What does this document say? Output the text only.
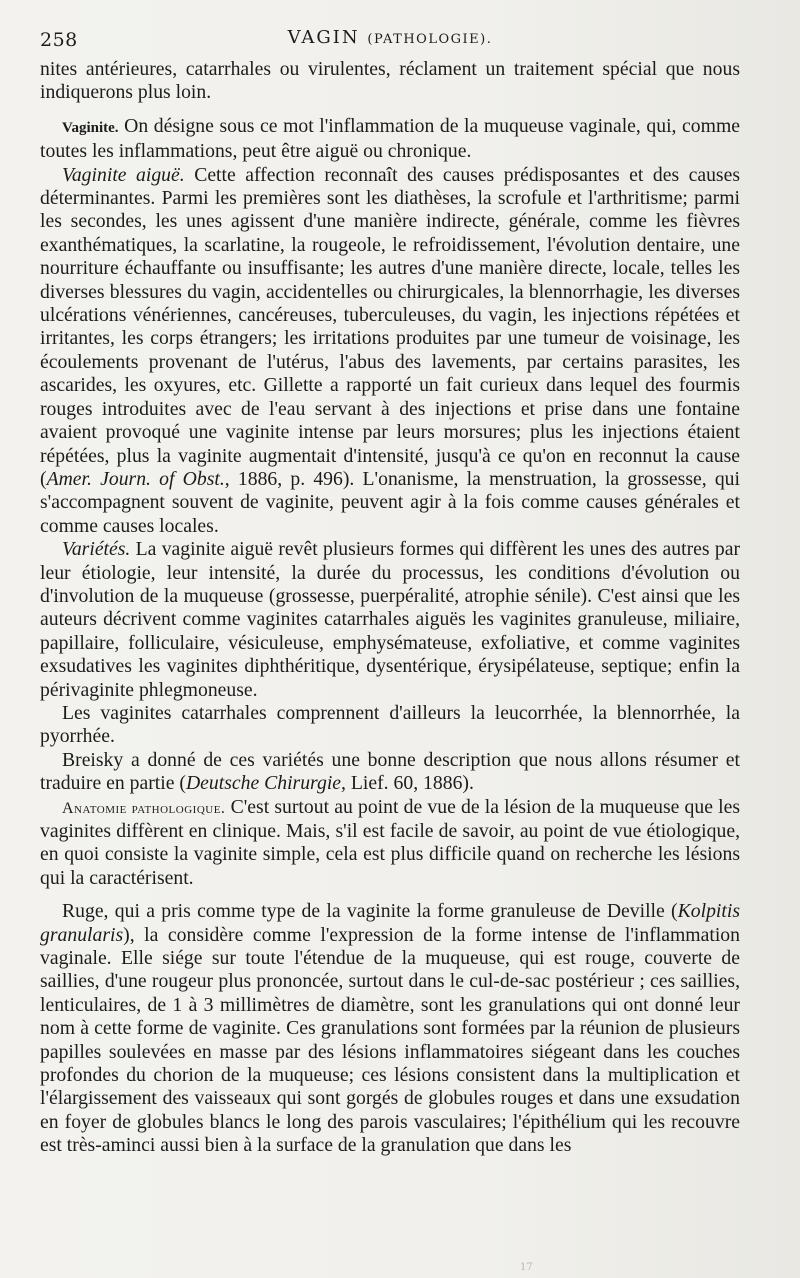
258	VAGIN (PATHOLOGIE).

nites antérieures, catarrhales ou virulentes, réclament un traitement spécial que nous indiquerons plus loin.

Vaginite. On désigne sous ce mot l'inflammation de la muqueuse vaginale, qui, comme toutes les inflammations, peut être aiguë ou chronique.

Vaginite aiguë. Cette affection reconnaît des causes prédisposantes et des causes déterminantes. Parmi les premières sont les diathèses, la scrofule et l'arthritisme; parmi les secondes, les unes agissent d'une manière indirecte, générale, comme les fièvres exanthématiques, la scarlatine, la rougeole, le refroidissement, l'évolution dentaire, une nourriture échauffante ou insuffisante; les autres d'une manière directe, locale, telles les diverses blessures du vagin, accidentelles ou chirurgicales, la blennorrhagie, les diverses ulcérations vénériennes, cancéreuses, tuberculeuses, du vagin, les injections répétées et irritantes, les corps étrangers; les irritations produites par une tumeur de voisinage, les écoulements provenant de l'utérus, l'abus des lavements, par certains parasites, les ascarides, les oxyures, etc. Gillette a rapporté un fait curieux dans lequel des fourmis rouges introduites avec de l'eau servant à des injections et prise dans une fontaine avaient provoqué une vaginite intense par leurs morsures; plus les injections étaient répétées, plus la vaginite augmentait d'intensité, jusqu'à ce qu'on en reconnut la cause (Amer. Journ. of Obst., 1886, p. 496). L'onanisme, la menstruation, la grossesse, qui s'accompagnent souvent de vaginite, peuvent agir à la fois comme causes générales et comme causes locales.

Variétés. La vaginite aiguë revêt plusieurs formes qui diffèrent les unes des autres par leur étiologie, leur intensité, la durée du processus, les conditions d'évolution ou d'involution de la muqueuse (grossesse, puerpéralité, atrophie sénile). C'est ainsi que les auteurs décrivent comme vaginites catarrhales aiguës les vaginites granuleuse, miliaire, papillaire, folliculaire, vésiculeuse, emphysémateuse, exfoliative, et comme vaginites exsudatives les vaginites diphthéritique, dysentérique, érysipélateuse, septique; enfin la périvaginite phlegmoneuse.

Les vaginites catarrhales comprennent d'ailleurs la leucorrhée, la blennorrhée, la pyorrhée.

Breisky a donné de ces variétés une bonne description que nous allons résumer et traduire en partie (Deutsche Chirurgie, Lief. 60, 1886).

Anatomie pathologique. C'est surtout au point de vue de la lésion de la muqueuse que les vaginites diffèrent en clinique. Mais, s'il est facile de savoir, au point de vue étiologique, en quoi consiste la vaginite simple, cela est plus difficile quand on recherche les lésions qui la caractérisent.

Ruge, qui a pris comme type de la vaginite la forme granuleuse de Deville (Kolpitis granularis), la considère comme l'expression de la forme intense de l'inflammation vaginale. Elle siége sur toute l'étendue de la muqueuse, qui est rouge, couverte de saillies, d'une rougeur plus prononcée, surtout dans le cul-de-sac postérieur ; ces saillies, lenticulaires, de 1 à 3 millimètres de diamètre, sont les granulations qui ont donné leur nom à cette forme de vaginite. Ces granulations sont formées par la réunion de plusieurs papilles soulevées en masse par des lésions inflammatoires siégeant dans les couches profondes du chorion de la muqueuse; ces lésions consistent dans la multiplication et l'élargissement des vaisseaux qui sont gorgés de globules rouges et dans une exsudation en foyer de globules blancs le long des parois vasculaires; l'épithélium qui les recouvre est très-aminci aussi bien à la surface de la granulation que dans les

17
